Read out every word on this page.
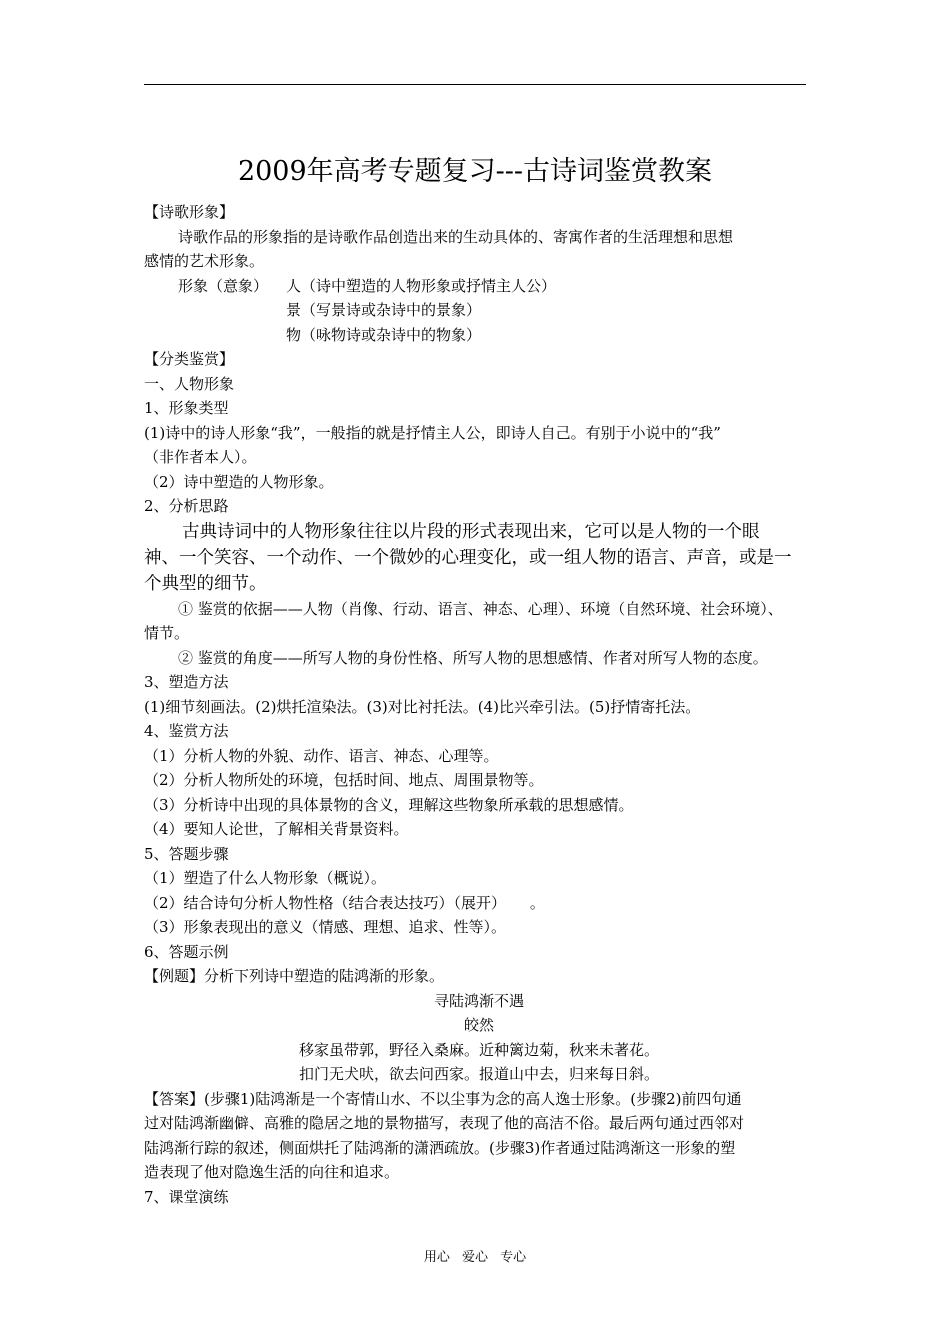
2009年高考专题复习---古诗词鉴赏教案
【诗歌形象】
诗歌作品的形象指的是诗歌作品创造出来的生动具体的、寄寓作者的生活理想和思想
感情的艺术形象。
形象（意象）	人（诗中塑造的人物形象或抒情主人公）
景（写景诗或杂诗中的景象）
物（咏物诗或杂诗中的物象）
【分类鉴赏】
一、人物形象
1、形象类型
(1)诗中的诗人形象“我”，一般指的就是抒情主人公，即诗人自己。有别于小说中的“我”
（非作者本人）。
（2）诗中塑造的人物形象。
2、分析思路
古典诗词中的人物形象往往以片段的形式表现出来，它可以是人物的一个眼
神、一个笑容、一个动作、一个微妙的心理变化，或一组人物的语言、声音，或是一
个典型的细节。
① 鉴赏的依据——人物（肖像、行动、语言、神态、心理）、环境（自然环境、社会环境）、
情节。
② 鉴赏的角度——所写人物的身份性格、所写人物的思想感情、作者对所写人物的态度。
3、塑造方法
(1)细节刻画法。(2)烘托渲染法。(3)对比衬托法。(4)比兴牵引法。(5)抒情寄托法。
4、鉴赏方法
（1）分析人物的外貌、动作、语言、神态、心理等。
（2）分析人物所处的环境，包括时间、地点、周围景物等。
（3）分析诗中出现的具体景物的含义，理解这些物象所承载的思想感情。
（4）要知人论世，了解相关背景资料。
5、答题步骤
（1）塑造了什么人物形象（概说）。
（2）结合诗句分析人物性格（结合表达技巧）（展开）     。
（3）形象表现出的意义（情感、理想、追求、性等）。
6、答题示例
【例题】分析下列诗中塑造的陆鸿渐的形象。
寻陆鸿渐不遇
皎然
移家虽带郭，野径入桑麻。近种篱边菊，秋来未著花。
扣门无犬吠，欲去问西家。报道山中去，归来每日斜。
【答案】(步骤1)陆鸿渐是一个寄情山水、不以尘事为念的高人逸士形象。(步骤2)前四句通
过对陆鸿渐幽僻、高雅的隐居之地的景物描写，表现了他的高洁不俗。最后两句通过西邻对
陆鸿渐行踪的叙述，侧面烘托了陆鸿渐的潇洒疏放。(步骤3)作者通过陆鸿渐这一形象的塑
造表现了他对隐逸生活的向往和追求。
7、课堂演练
用心 爱心 专心
